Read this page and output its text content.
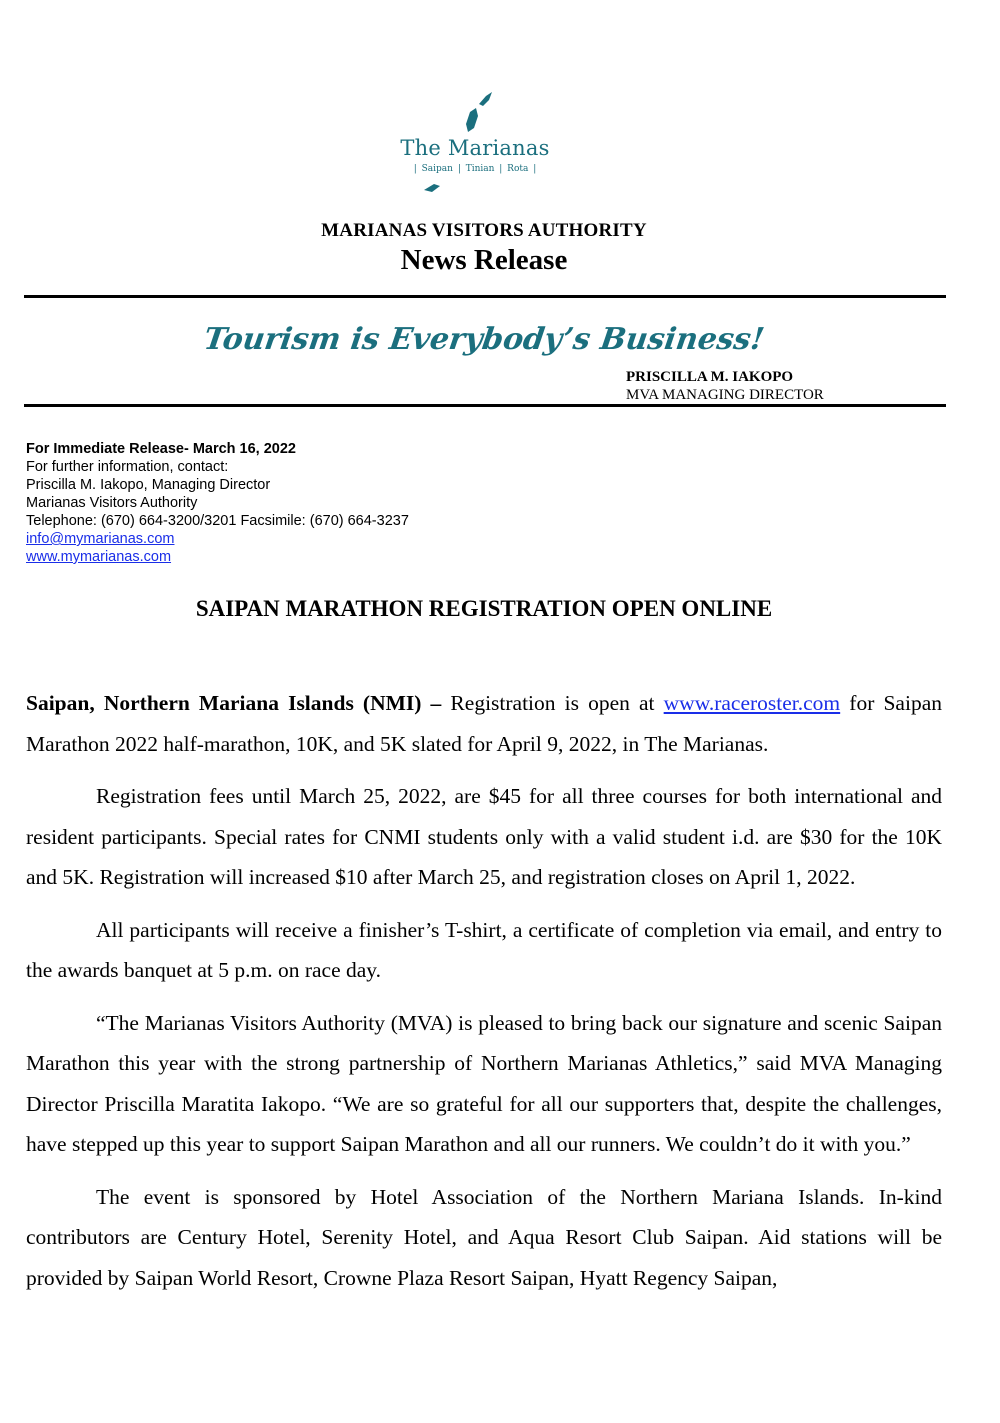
The Marianas
| Saipan | Tinian | Rota |
MARIANAS VISITORS AUTHORITY
News Release
Tourism is Everybody’s Business!
PRISCILLA M. IAKOPO
MVA MANAGING DIRECTOR
For Immediate Release- March 16, 2022
For further information, contact:
Priscilla M. Iakopo, Managing Director
Marianas Visitors Authority
Telephone: (670) 664-3200/3201 Facsimile: (670) 664-3237
info@mymarianas.com
www.mymarianas.com
SAIPAN MARATHON REGISTRATION OPEN ONLINE

Saipan, Northern Mariana Islands (NMI) – Registration is open at www.raceroster.com for Saipan Marathon 2022 half-marathon, 10K, and 5K slated for April 9, 2022, in The Marianas.

Registration fees until March 25, 2022, are $45 for all three courses for both international and resident participants. Special rates for CNMI students only with a valid student i.d. are $30 for the 10K and 5K. Registration will increased $10 after March 25, and registration closes on April 1, 2022.

All participants will receive a finisher’s T-shirt, a certificate of completion via email, and entry to the awards banquet at 5 p.m. on race day.

“The Marianas Visitors Authority (MVA) is pleased to bring back our signature and scenic Saipan Marathon this year with the strong partnership of Northern Marianas Athletics,” said MVA Managing Director Priscilla Maratita Iakopo. “We are so grateful for all our supporters that, despite the challenges, have stepped up this year to support Saipan Marathon and all our runners. We couldn’t do it with you.”

The event is sponsored by Hotel Association of the Northern Mariana Islands. In-kind contributors are Century Hotel, Serenity Hotel, and Aqua Resort Club Saipan. Aid stations will be provided by Saipan World Resort, Crowne Plaza Resort Saipan, Hyatt Regency Saipan,
